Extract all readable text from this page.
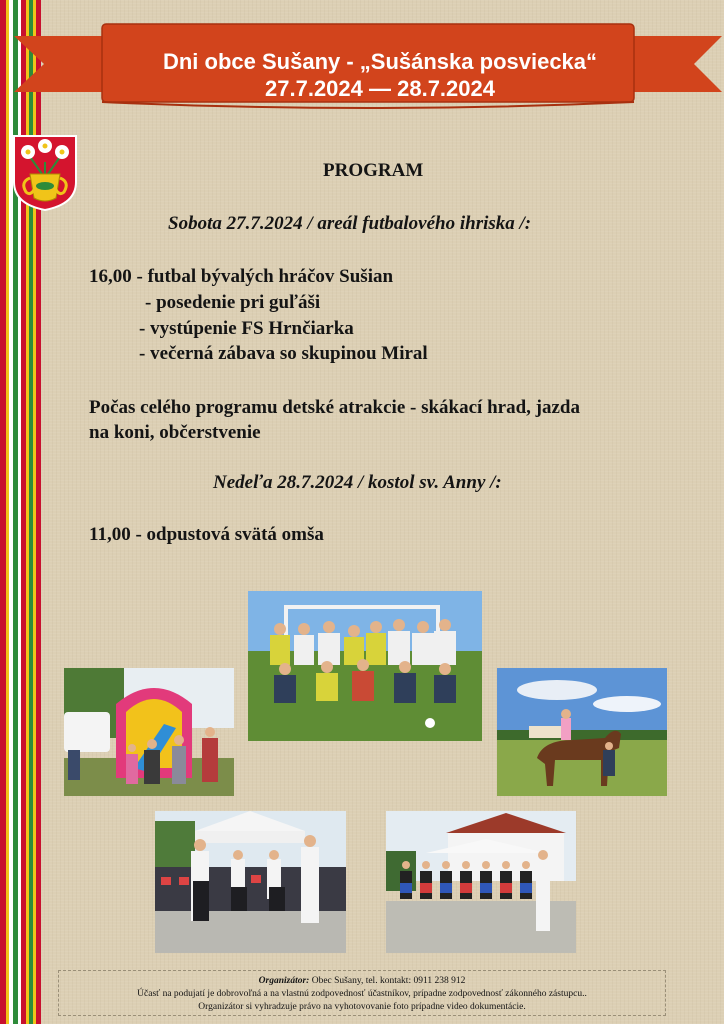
Dni obce Sušany - „Sušánska posviecka“
27.7.2024 — 28.7.2024
PROGRAM
Sobota 27.7.2024 / areál futbalového ihriska /:
16,00 - futbal bývalých hráčov Sušian
- posedenie pri guľáši
- vystúpenie FS Hrnčiarka
- večerná zábava so skupinou Miral
Počas celého programu detské atrakcie - skákací hrad, jazda
na koni, občerstvenie
Nedeľa 28.7.2024 / kostol sv. Anny /:
11,00 - odpustová svätá omša
Organizátor: Obec Sušany, tel. kontakt: 0911 238 912
Účasť na podujatí je dobrovoľná a na vlastnú zodpovednosť účastníkov, prípadne zodpovednosť zákonného zástupcu..
Organizátor si vyhradzuje právo na vyhotovovanie foto prípadne video dokumentácie.
